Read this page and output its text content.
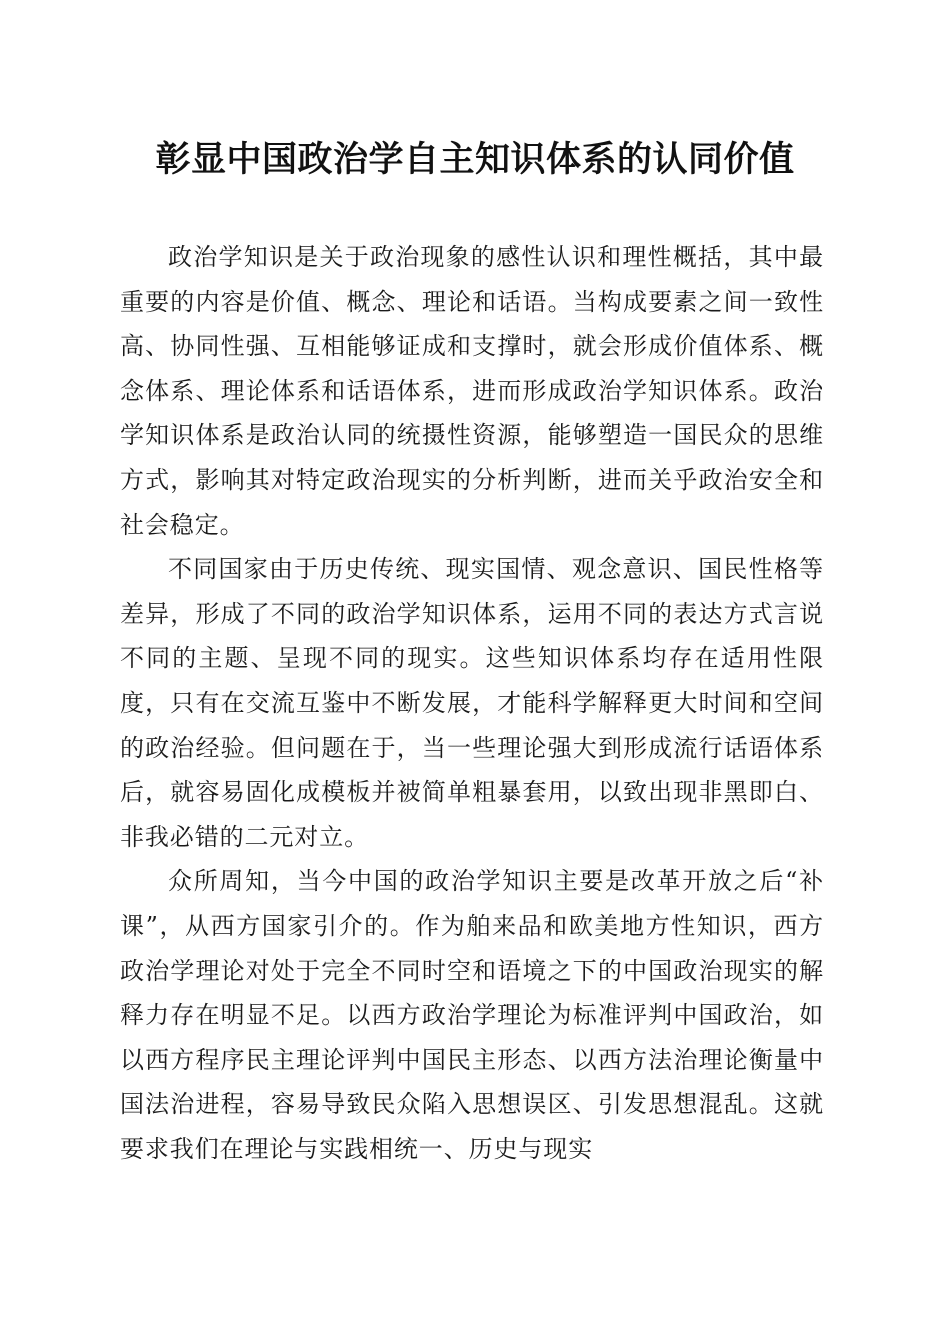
彰显中国政治学自主知识体系的认同价值

政治学知识是关于政治现象的感性认识和理性概括，其中最重要的内容是价值、概念、理论和话语。当构成要素之间一致性高、协同性强、互相能够证成和支撑时，就会形成价值体系、概念体系、理论体系和话语体系，进而形成政治学知识体系。政治学知识体系是政治认同的统摄性资源，能够塑造一国民众的思维方式，影响其对特定政治现实的分析判断，进而关乎政治安全和社会稳定。

不同国家由于历史传统、现实国情、观念意识、国民性格等差异，形成了不同的政治学知识体系，运用不同的表达方式言说不同的主题、呈现不同的现实。这些知识体系均存在适用性限度，只有在交流互鉴中不断发展，才能科学解释更大时间和空间的政治经验。但问题在于，当一些理论强大到形成流行话语体系后，就容易固化成模板并被简单粗暴套用，以致出现非黑即白、非我必错的二元对立。

众所周知，当今中国的政治学知识主要是改革开放之后“补课”，从西方国家引介的。作为舶来品和欧美地方性知识，西方政治学理论对处于完全不同时空和语境之下的中国政治现实的解释力存在明显不足。以西方政治学理论为标准评判中国政治，如以西方程序民主理论评判中国民主形态、以西方法治理论衡量中国法治进程，容易导致民众陷入思想误区、引发思想混乱。这就要求我们在理论与实践相统一、历史与现实
